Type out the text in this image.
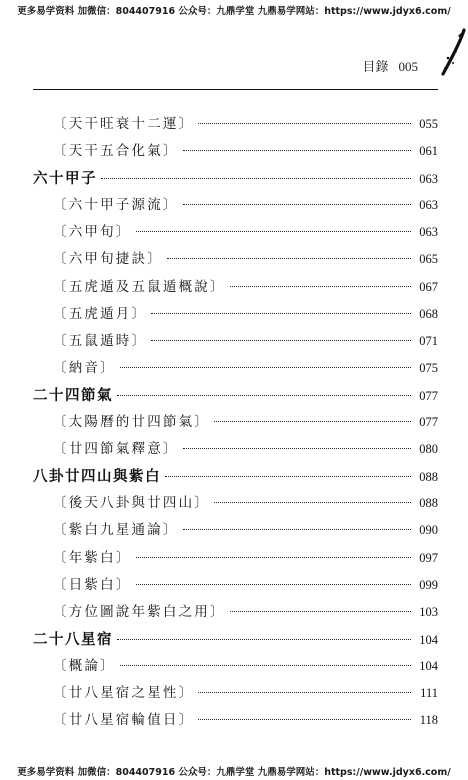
更多易学资料 加微信：804407916 公众号：九鼎学堂 九鼎易学网站：https://www.jdyx6.com/
目錄 005
〔天干旺衰十二運〕	055
〔天干五合化氣〕	061
六十甲子	063
〔六十甲子源流〕	063
〔六甲旬〕	063
〔六甲旬捷訣〕	065
〔五虎遁及五鼠遁概說〕	067
〔五虎遁月〕	068
〔五鼠遁時〕	071
〔納音〕	075
二十四節氣	077
〔太陽曆的廿四節氣〕	077
〔廿四節氣釋意〕	080
八卦廿四山與紫白	088
〔後天八卦與廿四山〕	088
〔紫白九星通論〕	090
〔年紫白〕	097
〔日紫白〕	099
〔方位圖說年紫白之用〕	103
二十八星宿	104
〔概論〕	104
〔廿八星宿之星性〕	111
〔廿八星宿輪值日〕	118
更多易学资料 加微信：804407916 公众号：九鼎学堂 九鼎易学网站：https://www.jdyx6.com/
